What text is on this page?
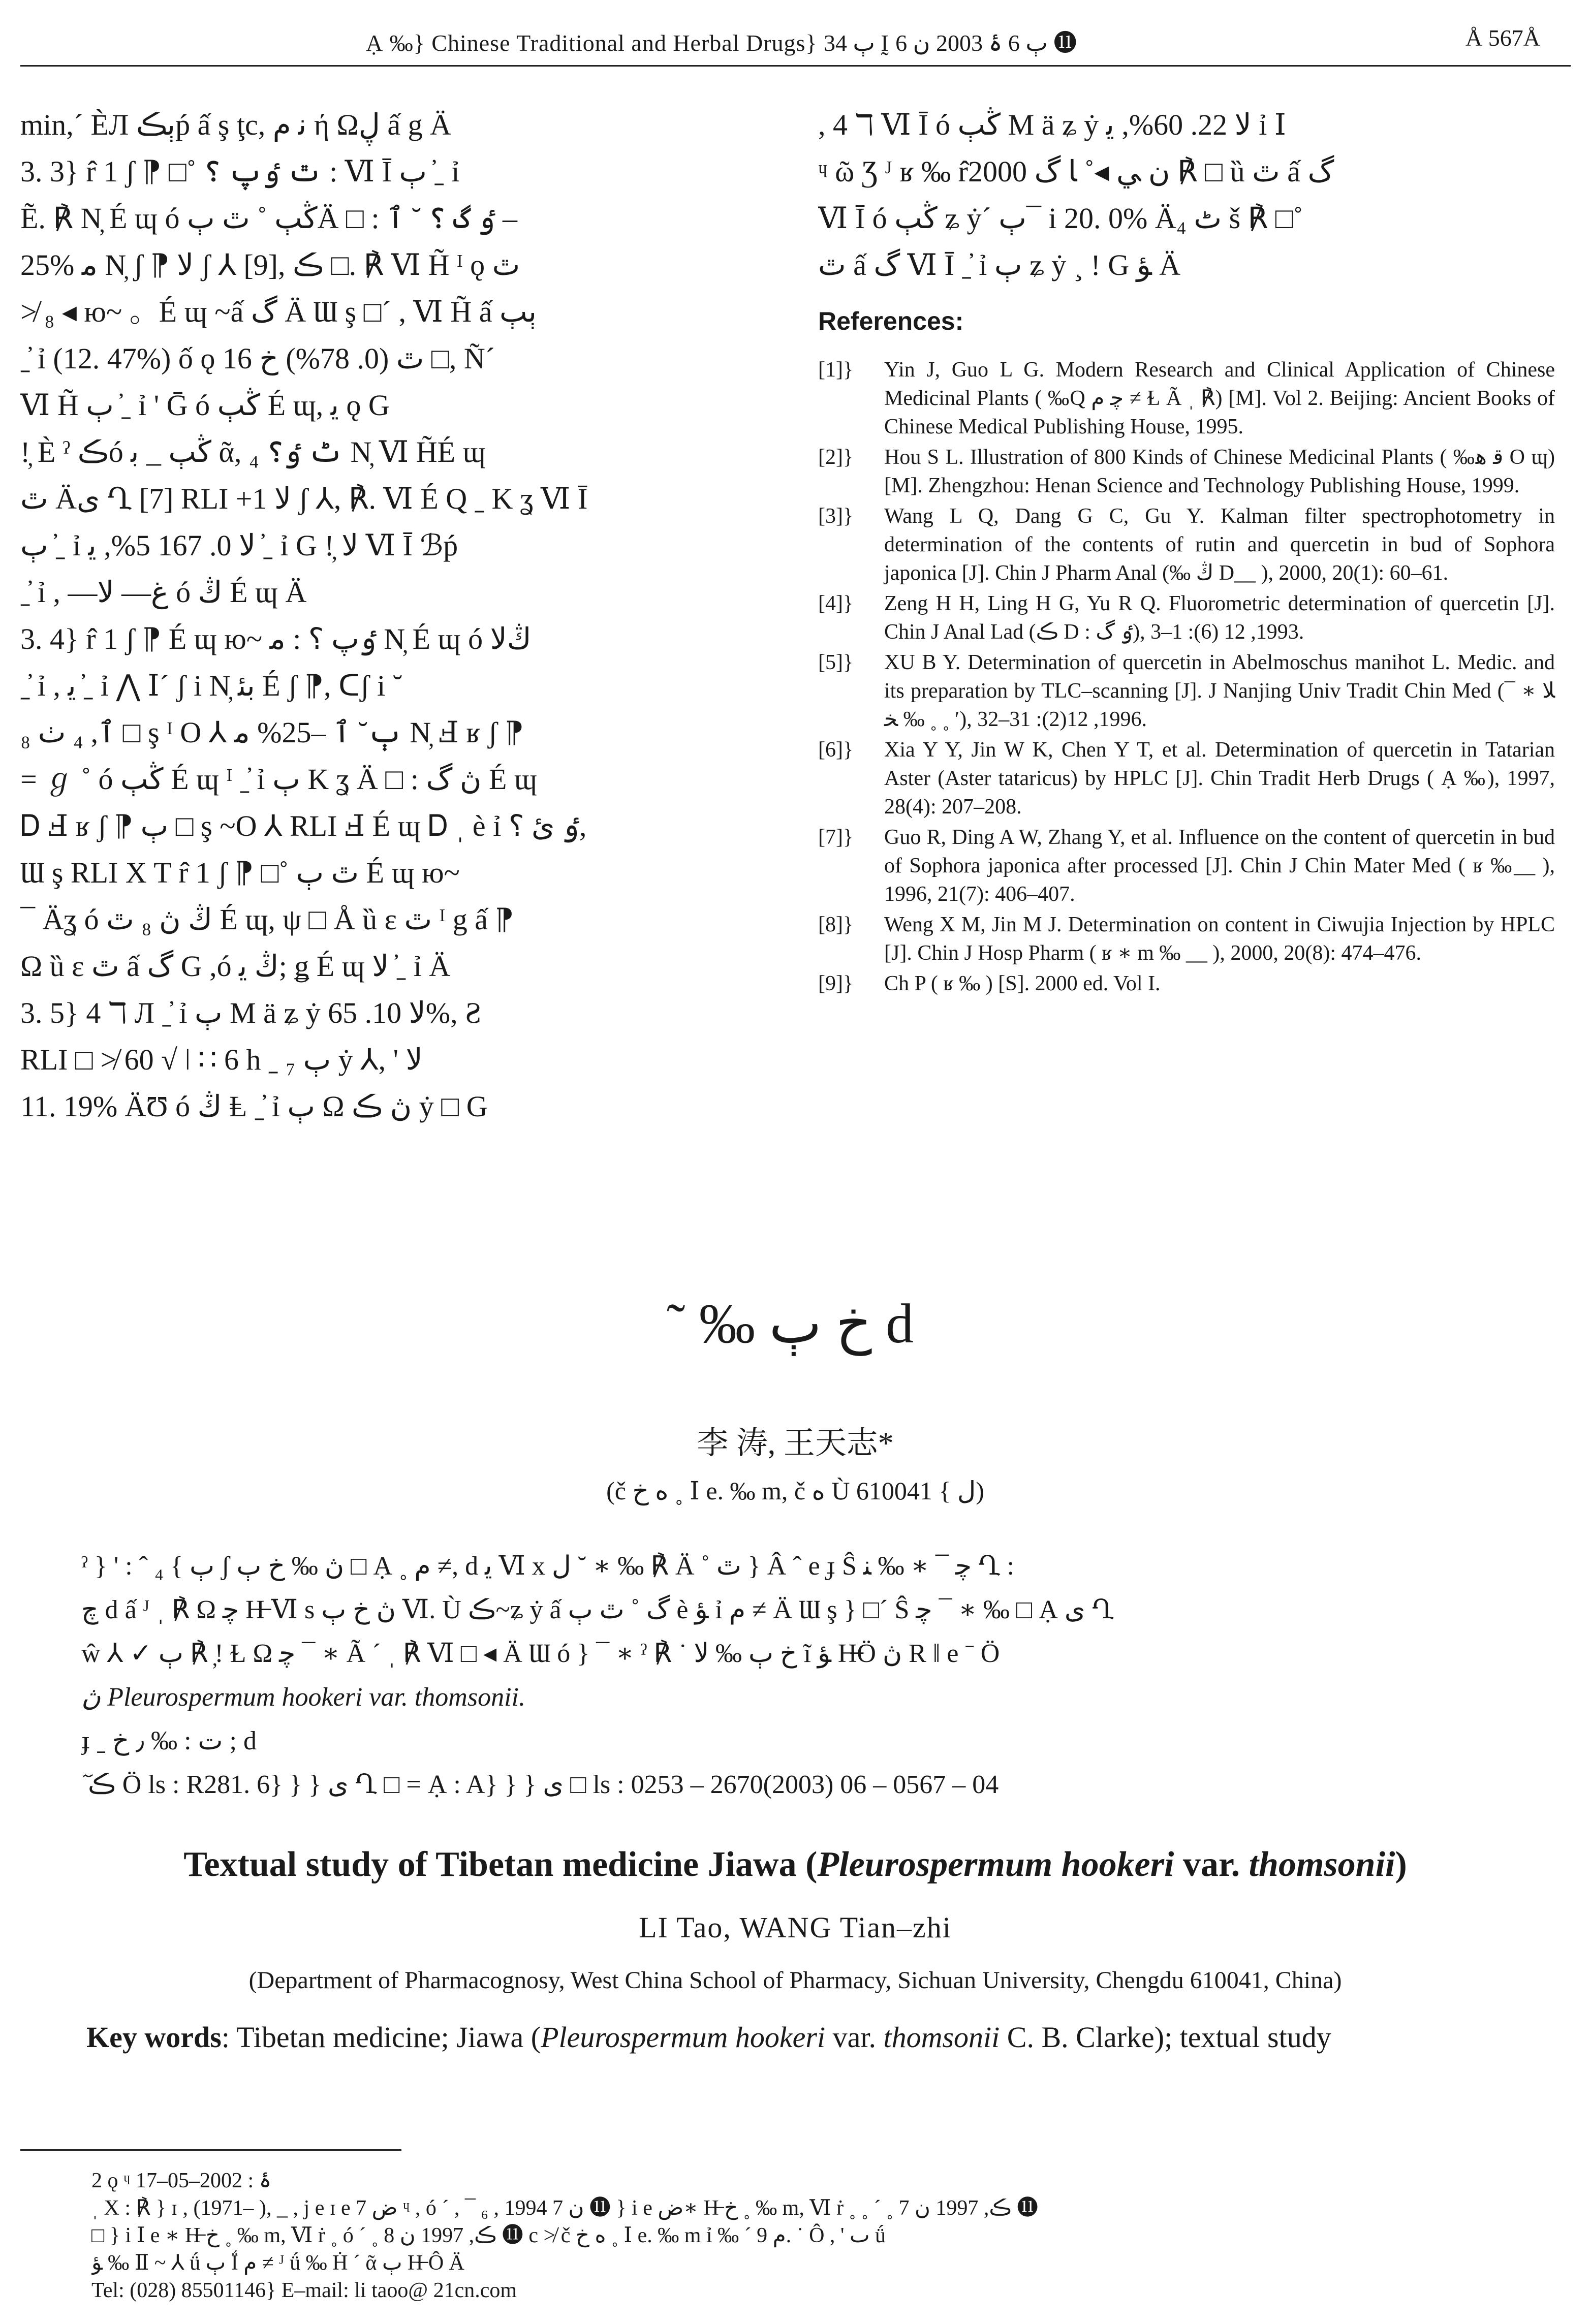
Ạ ‰} Chinese Traditional and Herbal Drugs} ٻ 34 Ḭ ٻ 6 ۂ 2003 ن 6 ⓫	Å 567Å

min,´ ÈЛ ٻڪṕ ấ ş ţc, ﻧ ﻡ ή Ωڸ ấ g Ä

3. 3} r̂ 1 ʃ ⁋ □˚ ٿ ٶپ ؟ : Ⅵ Ī ٻ ˍ̓ ỉ

Ẽ. ℟ N̦ É ɰ ó ڭٻ ˚ ٿ ٻÄ □ : ٶ گ ؟ ˘ ٱ –

25% ﻣ N̦ ʃ ⁋ ﻻ ʃ ⅄ [9], ڪ □. ℟ Ⅵ H̃ ᴵ ǫ ٿ

≯ ₈ ◂ ю~ 。É ɰ ~ấ گ Ä Ɯ ş □´ , Ⅵ H̃ ấ ٻٻ

ˍ̓ ỉ (12. 47%) ố ǫ ٿ (0. 78%) ﺥ 16 □, Ñ´

Ⅵ H̃ ٻ ˍ̓ ỉ ' Ḡ ó ڭٻ É ɰ, ﻳ ǫ G

!̦ È ˀ ڪó ڭٻ _ ﺑ ᾶ, ₄ ٹ ٶ؟ N̦ Ⅵ H̃É ɰ

ٿ Äﻯ Ղ [7] RLI +1 ﻻ ʃ ⅄, ℟. Ⅵ É Q ˍ K ʓ Ⅵ Ī

ٻ ˍ̓ ỉ ﻻ 0. 167 5%, ﻳ ˍ̓ ỉ G !̦ ﻻ Ⅵ Ī ℬṕ

ˍ̓ ỉ , —غ— ﻻ ó ڭ É ɰ Ä

3. 4} r̂ 1 ʃ ⁋ É ɰ ю~ ٶپ ؟ : ﻣ N̦ É ɰ ó ڭﻻ

ˍ̓ ỉ , ﻳ ˍ̓ ỉ ⋀ Ⅰ´ ʃ i N̦ ﺑﺌ É ʃ ⁋, ᑕʃ i ˘

ٱ, ₄ ٺ ₈ □ ş ᴵ O ⅄ ٻ˘ ٱ –25% ﻣ N̦ Ⅎ ʁ ʃ ⁋

= ℊ ˚ ó ڭٻ É ɰ ᴵ ˍ̓ ỉ ٻ K ʓ Ä □ : ڽ گ É ɰ

Ꭰ Ⅎ ʁ ʃ ⁋ ٻ □ ş ~O ⅄ RLI Ⅎ É ɰ Ꭰ ˌ è ỉ ٶ ئ ؟,

Ɯ ş RLI X T r̂ 1 ʃ ⁋ □˚ ٿ ٻ É ɰ ю~

¯ Äʓ ó ڭ ڽ ₈ ٿ É ɰ, ψ □ Å ȕ ɛ ٿ ᴵ g ấ ⁋

Ω ȕ ɛ ٿ ấ گ G ,ó ڭ ﻳ; ǥ É ɰ ﻻ ˍ̓ ỉ Ä

3. 5} 4 ℸ Л ˍ̓ ỉ ٻ M ä ʑ ẏ ﻻ 10. 65%, Ƨ

RLI □ ≯ 60 √ ǀ ∷ 6 h ˍ ₇ ٻ ẏ ⅄, ' ﻻ

11. 19% ÄƱ ó ڭ Ⱡ ˍ̓ ỉ ٻ Ω ڽ ڪ ẏ □ G

, 4 ℸ Ⅵ Ī ó ڭٻ M ä ʑ ẏ ﻻ 22. 60%, ﻳ ỉ Ⅰ

ᶣ ῶ Ʒ ᴶ ʁ ‰ r̂2000 ن ﻲ ◂˚ ﺎ گ ℟ □ ȕ ٿ ấ گ

Ⅵ Ī ó ڭٻ ʑ ẏ´ ٻ¯ i 20. 0% Ä₄ ٹ š ℟ □˚

ٿ ấ گ Ⅵ Ī ˍ̓ ỉ ٻ ʑ ẏ ¸ ! G ﺆ Ä

References:
[1]}	Yin J, Guo L G. Modern Research and Clinical Application of Chinese Medicinal Plants ( ‰Q ﭼ ﻡ ≠ Ɫ Ã ˌ ℟) [M]. Vol 2. Beijing: Ancient Books of Chinese Medical Publishing House, 1995.
[2]}	Hou S L. Illustration of 800 Kinds of Chinese Medicinal Plants ( ‰ﻗ ﻫ O ɰ) [M]. Zhengzhou: Henan Science and Technology Publishing House, 1999.
[3]}	Wang L Q, Dang G C, Gu Y. Kalman filter spectrophotometry in determination of the contents of rutin and quercetin in bud of Sophora japonica [J]. Chin J Pharm Anal (‰ ڭ D__ ), 2000, 20(1): 60–61.
[4]}	Zeng H H, Ling H G, Yu R Q. Fluorometric determination of quercetin [J]. Chin J Anal Lad (ڪ D : ٶ گ), 1993, 12 (6): 1–3.
[5]}	XU B Y. Determination of quercetin in Abelmoschus manihot L. Medic. and its preparation by TLC–scanning [J]. J Nanjing Univ Tradit Chin Med (¯ ﻼ ∗ ‰ ﺨ ˳ ˳ ʹ), 1996, 12(2): 31–32.
[6]}	Xia Y Y, Jin W K, Chen Y T, et al. Determination of quercetin in Tatarian Aster (Aster tataricus) by HPLC [J]. Chin Tradit Herb Drugs ( Ạ ‰), 1997, 28(4): 207–208.
[7]}	Guo R, Ding A W, Zhang Y, et al. Influence on the content of quercetin in bud of Sophora japonica after processed [J]. Chin J Chin Mater Med ( ʁ ‰__ ), 1996, 21(7): 406–407.
[8]}	Weng X M, Jin M J. Determination on content in Ciwujia Injection by HPLC [J]. Chin J Hosp Pharm ( ʁ ∗ m ‰ __ ), 2000, 20(8): 474–476.
[9]}	Ch P ( ʁ ‰ ) [S]. 2000 ed. Vol I.
˜ ‰ ﺥ ٻ d
李 涛, 王天志*
(č ﻩ ﺥ ˳ Ⅰ e. ‰ m, č ﻩ Ù ﻝ } 610041)

ˀ } ' : ˆ ٻ } ₄ ʃ ڽ ‰ ﺥ ٻ □ Ạ ˳ ﻡ ≠, d ﻳ Ⅵ x ﻝ ˘ ∗ ‰ ℟ Ä ˚ ٿ } Â ˆ e ɟ Ŝ ﭼ ¯ ∗ ‰ ﻨ Ղ :

ﭺ d ấ ᴶ ˌ ℟ Ω ﭼ H̶ Ⅵ s ڽ ﺥ ٻ Ⅵ. Ù ڪ~ʑ ẏ ấ گ ˚ ٿ ٻ è ﺆ ỉ ﻡ ≠ Ä Ɯ ş } □´ Ŝ ﭼ ¯ ∗ ‰ □ Ạ ﻯ Ղ

ŵ ⅄ ✓ ٻ ℟ !̦ Ɫ Ω ﭼ ¯ ∗ Ã ˊ ˌ ℟ Ⅵ □ ◂ Ä Ɯ ó } ¯ ∗ ˀ ℟ ˙ ﺥ ٻ ‰ ﻻ ĩ ﺆ H̶Ö ڽ R ‖ e ˉ Ö

ڽ Pleurospermum hookeri var. thomsonii.

ɟ ˍ ﺕ : ‰ ٫ ﺥ ; d

ٓ ڪ Ö ls : R281. 6} } } ﻯ Ղ □ = Ạ : A} } } ﻯ □ ls : 0253 – 2670(2003) 06 – 0567 – 04

Textual study of Tibetan medicine Jiawa (Pleurospermum hookeri var. thomsonii)
LI Tao, WANG Tian–zhi
(Department of Pharmacognosy, West China School of Pharmacy, Sichuan University, Chengdu 610041, China)
Key words: Tibetan medicine; Jiawa (Pleurospermum hookeri var. thomsonii C. B. Clarke); textual study

2 ǫ ᶣ ۂ : 2002–05–17

ˌ X : ℟ } ɪ , (1971– ), _ , j e ɪ e ﺽ 7 ᶣ , ó ˊ , ¯ ₆ , 1994 ن 7 ⓫ } i e ﺽ∗ H̶ ﺥ ˳ ‰ m, Ⅵ ṙ ˳ ˳ ˊ ˳ ڪ, 1997 ن 7 ⓫

□ } i Ⅰ e ∗ H̶ ﺥ ˳ ‰ m, Ⅵ ṙ ˳ ó ˊ ˳ ڪ, 1997 ن 8 ⓫ c ≯ č ﻩ ﺥ ˳ Ⅰ e. ‰ m ỉ ‰ ˊ ﻡ 9. ˙ Ô , ' ٮ ǘ

ﺆ ‰ Ⅱ ~ ⅄ ǘ ٻ Ḯ ﻡ ≠ ᴶ ǘ ‰ Ḣ ˊ ᾶ ٻ H̶ Ô Ä

Tel: (028) 85501146} E–mail: li taoo@ 21cn.com
